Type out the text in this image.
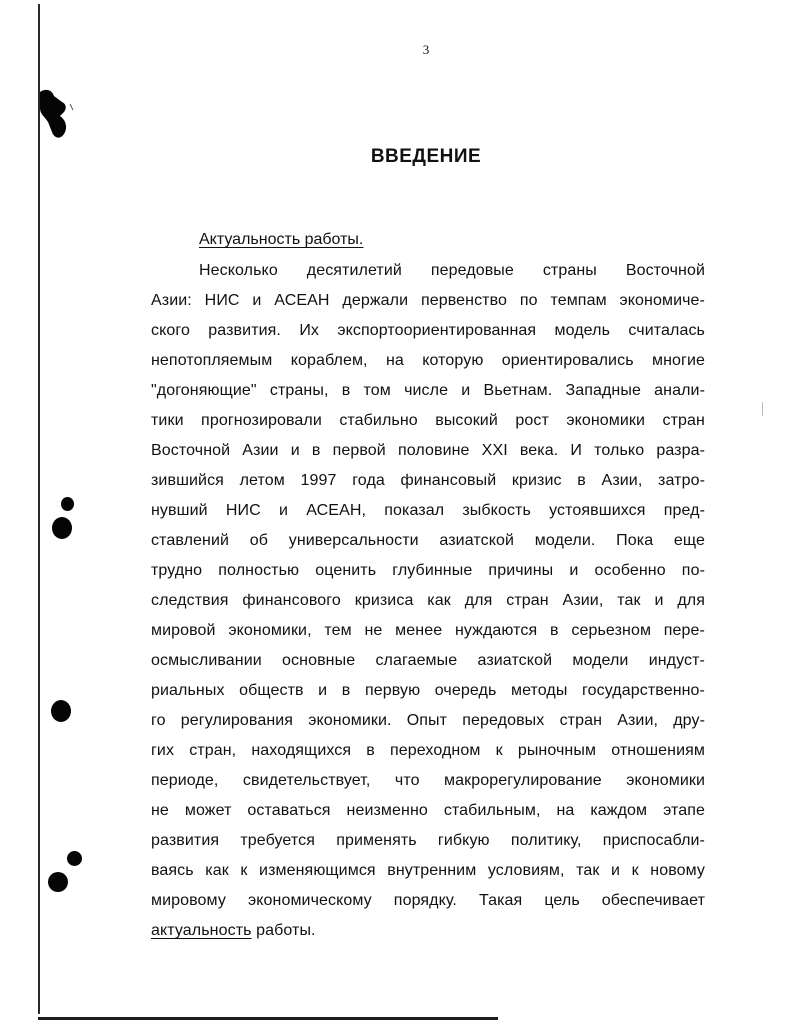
3
ВВЕДЕНИЕ
Актуальность работы.
Несколько десятилетий передовые страны Восточной
Азии: НИС и АСЕАН держали первенство по темпам экономиче-
ского развития. Их экспортоориентированная модель считалась
непотопляемым кораблем, на которую ориентировались многие
"догоняющие" страны, в том числе и Вьетнам. Западные анали-
тики прогнозировали стабильно высокий рост экономики стран
Восточной Азии и в первой половине XXI века. И только разра-
зившийся летом 1997 года финансовый кризис в Азии, затро-
нувший НИС и АСЕАН, показал зыбкость устоявшихся пред-
ставлений об универсальности азиатской модели. Пока еще
трудно полностью оценить глубинные причины и особенно по-
следствия финансового кризиса как для стран Азии, так и для
мировой экономики, тем не менее нуждаются в серьезном пере-
осмысливании основные слагаемые азиатской модели индуст-
риальных обществ и в первую очередь методы государственно-
го регулирования экономики. Опыт передовых стран Азии, дру-
гих стран, находящихся в переходном к рыночным отношениям
периоде, свидетельствует, что макрорегулирование экономики
не может оставаться неизменно стабильным, на каждом этапе
развития требуется применять гибкую политику, приспосабли-
ваясь как к изменяющимся внутренним условиям, так и к новому
мировому экономическому порядку. Такая цель обеспечивает
актуальность работы.
